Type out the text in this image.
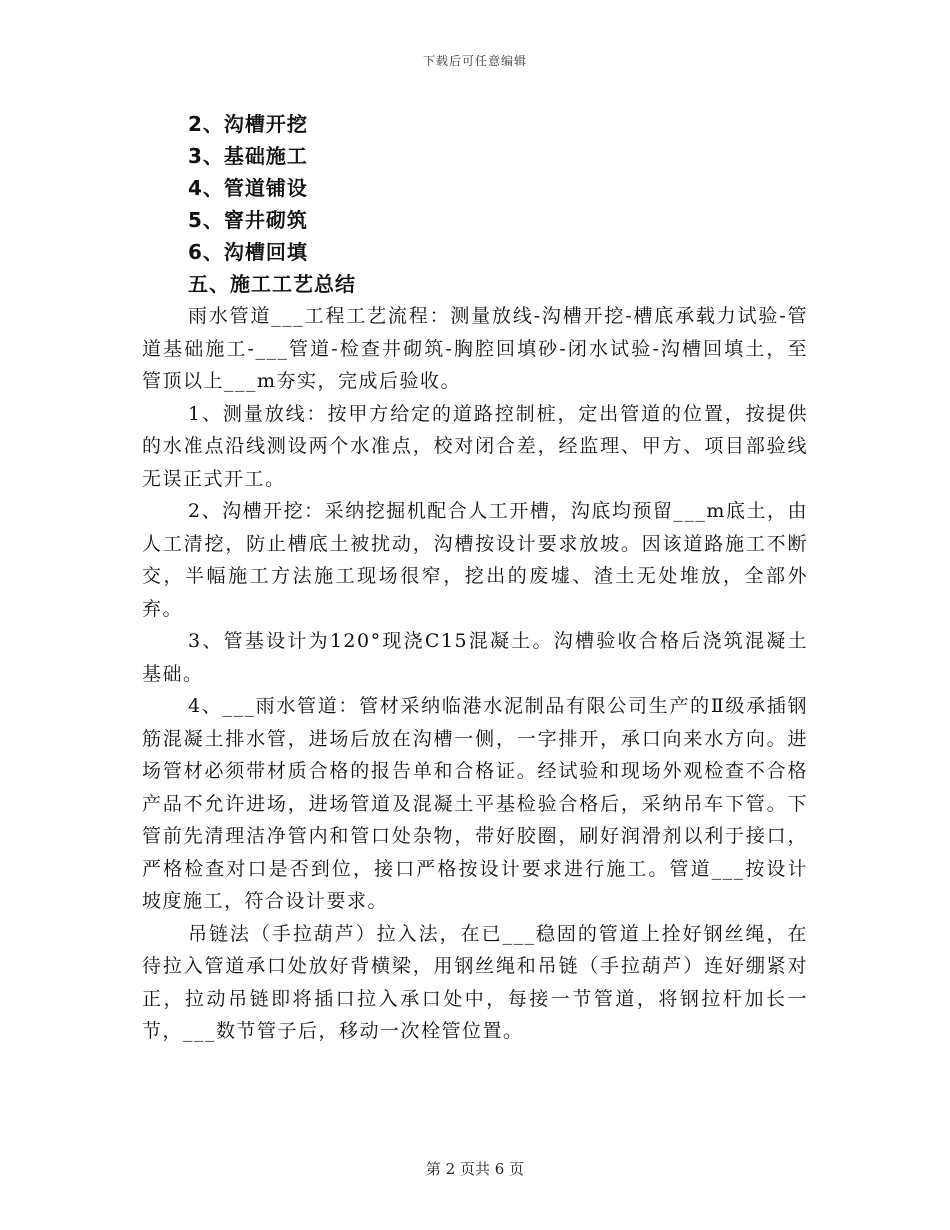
下载后可任意编辑

2、沟槽开挖

3、基础施工

4、管道铺设

5、窨井砌筑

6、沟槽回填

五、施工工艺总结

雨水管道___工程工艺流程：测量放线-沟槽开挖-槽底承载力试验-管道基础施工-___管道-检查井砌筑-胸腔回填砂-闭水试验-沟槽回填土，至管顶以上___m夯实，完成后验收。

1、测量放线：按甲方给定的道路控制桩，定出管道的位置，按提供的水准点沿线测设两个水准点，校对闭合差，经监理、甲方、项目部验线无误正式开工。

2、沟槽开挖：采纳挖掘机配合人工开槽，沟底均预留___m底土，由人工清挖，防止槽底土被扰动，沟槽按设计要求放坡。因该道路施工不断交，半幅施工方法施工现场很窄，挖出的废墟、渣土无处堆放，全部外弃。

3、管基设计为120°现浇C15混凝土。沟槽验收合格后浇筑混凝土基础。

4、___雨水管道：管材采纳临港水泥制品有限公司生产的Ⅱ级承插钢筋混凝土排水管，进场后放在沟槽一侧，一字排开，承口向来水方向。进场管材必须带材质合格的报告单和合格证。经试验和现场外观检查不合格产品不允许进场，进场管道及混凝土平基检验合格后，采纳吊车下管。下管前先清理洁净管内和管口处杂物，带好胶圈，刷好润滑剂以利于接口，严格检查对口是否到位，接口严格按设计要求进行施工。管道___按设计坡度施工，符合设计要求。

吊链法（手拉葫芦）拉入法，在已___稳固的管道上拴好钢丝绳，在待拉入管道承口处放好背横梁，用钢丝绳和吊链（手拉葫芦）连好绷紧对正，拉动吊链即将插口拉入承口处中，每接一节管道，将钢拉杆加长一节，___数节管子后，移动一次栓管位置。

第 2 页共 6 页
